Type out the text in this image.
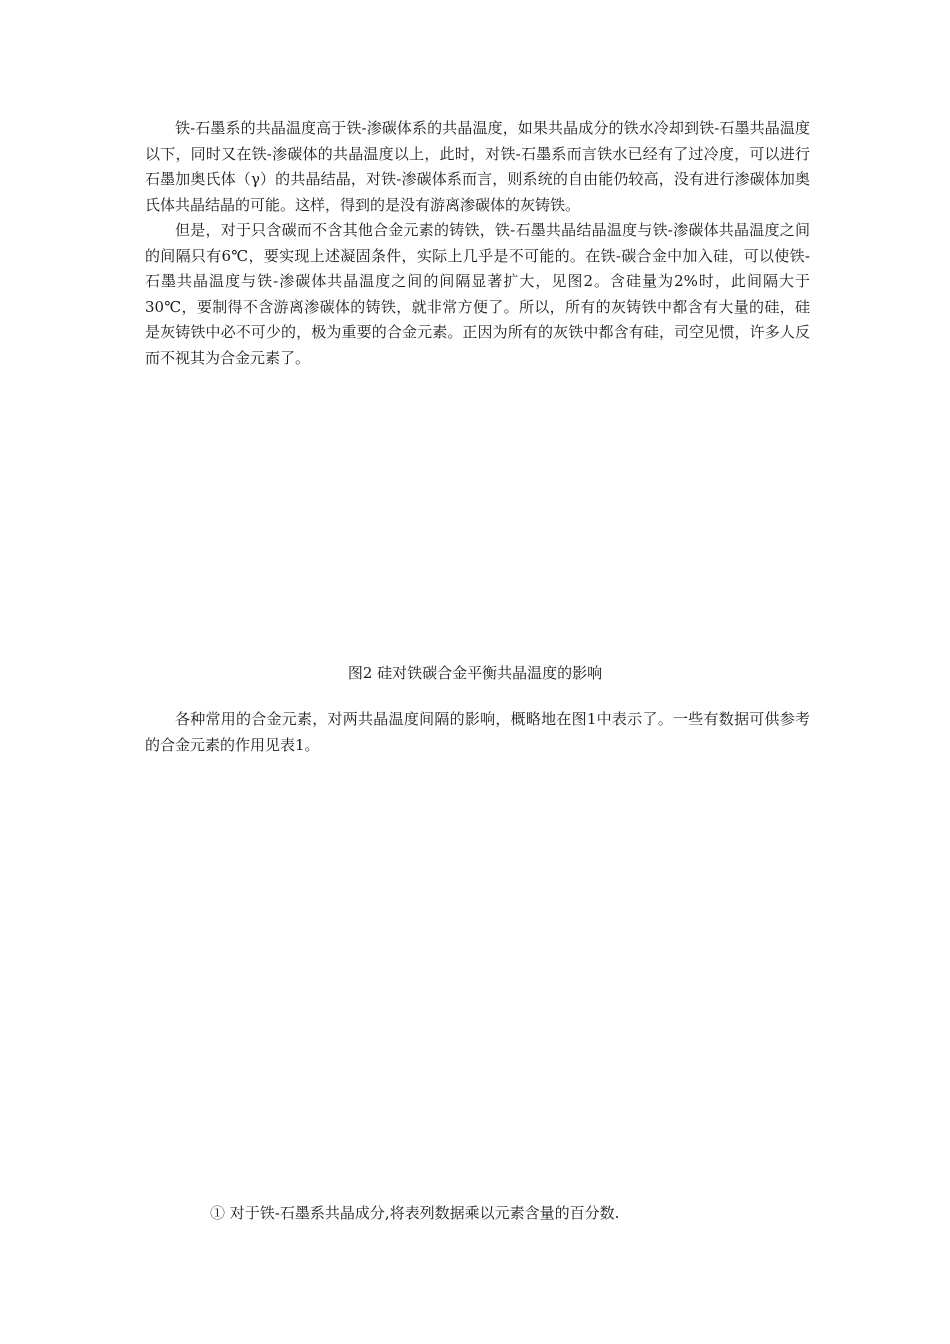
铁-石墨系的共晶温度高于铁-渗碳体系的共晶温度，如果共晶成分的铁水冷却到铁-石墨共晶温度以下，同时又在铁-渗碳体的共晶温度以上，此时，对铁-石墨系而言铁水已经有了过冷度，可以进行石墨加奥氏体（γ）的共晶结晶，对铁-渗碳体系而言，则系统的自由能仍较高，没有进行渗碳体加奥氏体共晶结晶的可能。这样，得到的是没有游离渗碳体的灰铸铁。

但是，对于只含碳而不含其他合金元素的铸铁，铁-石墨共晶结晶温度与铁-渗碳体共晶温度之间的间隔只有6℃，要实现上述凝固条件，实际上几乎是不可能的。在铁-碳合金中加入硅，可以使铁-石墨共晶温度与铁-渗碳体共晶温度之间的间隔显著扩大，见图2。含硅量为2%时，此间隔大于30℃，要制得不含游离渗碳体的铸铁，就非常方便了。所以，所有的灰铸铁中都含有大量的硅，硅是灰铸铁中必不可少的，极为重要的合金元素。正因为所有的灰铁中都含有硅，司空见惯，许多人反而不视其为合金元素了。

图2 硅对铁碳合金平衡共晶温度的影响

各种常用的合金元素，对两共晶温度间隔的影响，概略地在图1中表示了。一些有数据可供参考的合金元素的作用见表1。

① 对于铁-石墨系共晶成分,将表列数据乘以元素含量的百分数.
